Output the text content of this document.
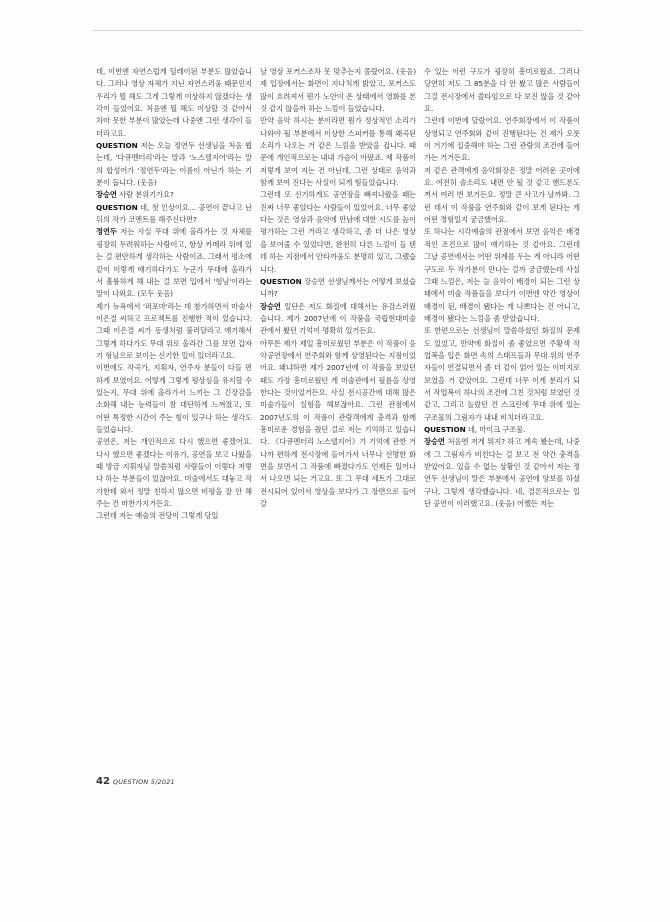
데, 이번엔 자연스럽게 딜레이된 부분도 많았습니다. 그러나 영상 자체가 지닌 자연스러움 때문인지 우리가 뭘 해도 그게 그렇게 이상하지 않겠다는 생각이 들었어요. 처음엔 뭘 해도 이상할 것 같아서 차마 못한 부분이 많았는데 나중엔 그런 생각이 들더라고요.

QUESTION 저는 오늘 정연두 선생님을 처음 뵙는데, '다큐멘터리'라는 말과 '노스탤지어'라는 말의 합성어가 '정연두'라는 이름이 아닌가 하는 기분이 듭니다. (웃음)

장승연 사람 분위기가요?

QUESTION 네, 첫 인상이요… 공연이 끝나고 난 뒤의 작가 코멘트를 해주신다면?

정연두 저는 사실 무대 위에 올라가는 것 자체를 굉장히 두려워하는 사람이고, 항상 카메라 뒤에 있는 걸 편안하게 생각하는 사람이죠. 그래서 평소에 같이 이렇게 얘기하다가도 누군가 무대에 올라가서 훌륭하게 해 내는 걸 보면 입에서 '헝님'이라는 말이 나와요. (모두 웃음)

제가 뉴욕에서 '퍼포마'라는 데 참가하면서 마술사 이은결 씨하고 프로젝트를 진행한 적이 있습니다. 그때 이은결 씨가 동생처럼 불러달라고 얘기해서 그렇게 하다가도 무대 위로 올라간 그를 보면 갑자기 형님으로 보이는 신기한 일이 있더라고요.

이번에도 작곡가, 지휘자, 연주자 분들이 다들 편하게 보였어요. 어떻게 그렇게 평상심을 유지할 수 있는지, 무대 위에 올라가서 느끼는 그 긴장감을 소화해 내는 능력들이 참 대단하게 느껴졌고, 또 어떤 특정한 시간이 주는 힘이 있구나 하는 생각도 들었습니다.

공연은, 저는 개인적으로 다시 했으면 좋겠어요. 다시 했으면 좋겠다는 이유가, 공연을 보고 나왔을 때 방금 지휘자님 말씀처럼 사람들이 이렇다 저렇다 하는 부분들이 있잖아요. 미술에서도 대놓고 작가한테 와서 정말 친하지 않으면 비평을 잘 안 해주는 건 마찬가지거든요.

그런데 저는 예술의 전당이 그렇게 당일

날 영상 포커스조차 못 맞추는지 몰랐어요. (웃음) 제 입장에서는 화면이 지나치게 밝았고, 포커스도 많이 흐려져서 뭔가 노안이 온 상태에서 영화를 본 것 같지 않을까 하는 느낌이 들었습니다.

만약 음악 하시는 분이라면 뭔가 정상적인 소리가 나와야 될 부분에서 이상한 스피커를 통해 왜곡된 소리가 나오는 거 같은 느낌을 받았을 겁니다. 때문에 개인적으로는 내내 가슴이 아팠죠. 제 작품이 저렇게 보여 지는 건 아닌데, 그런 상태로 음악과 함께 보여 진다는 사실이 되게 힘들었습니다.

그런데 또 신기하게도 공연장을 빠져나왔을 때는 진짜 너무 좋았다는 사람들이 있었어요. 너무 좋았다는 것은 영상과 음악에 만남에 대한 시도를 높이 평가하는 그런 거라고 생각하고, 좀 더 나은 영상을 보여줄 수 있었다면, 완전히 다른 느낌이 들 텐데 하는 지점에서 안타까움도 분명히 있고, 그랬습니다.

QUESTION 장승연 선생님께서는 어떻게 보셨습니까?

장승연 일단은 저도 화질에 대해서는 유감스러웠습니다. 제가 2007년에 이 작품을 국립현대미술관에서 봤던 기억이 명확히 있거든요.

아무튼 제가 제일 흥미로웠던 부분은 이 작품이 음악공연장에서 연주회와 함께 상영된다는 지점이었어요. 왜냐하면 제가 2007년에 이 작품을 보았던 때도 가장 흥미로웠던 게 미술관에서 필름을 상영한다는 것이었거든요. 사실 전시공간에 대해 많은 미술가들이 실험을 해보잖아요. 그런 관점에서 2007년도의 이 작품이 관람객에게 충격과 함께 흥미로운 경험을 줬던 걸로 저는 기억하고 있습니다. 《다큐멘터리 노스탤지어》가 기억에 관한 거나까 편하게 전시장에 들어가서 너무나 선명한 화면을 보면서 그 작품에 빠졌다가도 언제든 일어나서 나오면 되는 거고요. 또 그 무대 세트가 그대로 전시되어 있어서 영상을 보다가 그 장면으로 들어갈

수 있는 이런 구도가 굉장히 흥미로웠죠. 그러나 당연히 저도 그 85분을 다 안 봤고 많은 사람들이 그걸 전시장에서 쓸타임으로 다 보진 않을 것 같아요.

그런데 이번에 달랐어요. 연주회장에서 이 작품이 상영되고 연주회와 같이 진행된다는 건 제가 오롯이 거기에 집중해야 하는 그런 관람의 조건에 들어가는 거거든요.

저 같은 관객에게 음악회장은 정말 어려운 곳이에요. 여전히 솔소리도 내면 안 될 것 같고 핸드폰도 꺼서 여러 번 보거든요. 정말 큰 사고가 날까봐. 그런 데서 이 작품을 연주회와 같이 보게 된다는 게 어떤 경험일지 궁금했어요.

또 하나는 시각예술의 관점에서 보면 음악은 배경적인 조건으로 많이 얘기하는 것 같아요. 그런데 그날 공연에서는 어떤 위계를 두는 게 아니라 어떤 구도로 두 작가분이 만나는 걸까 궁금했는데 사실 그때 느낌은, 저는 늘 음악이 배경이 되는 그런 상태에서 미술 작품들을 보다가 이번엔 약간 영상이 배경이 된, 배경이 됐다는 게 나쁘다는 건 아니고, 배경이 됐다는 느낌을 좀 받았습니다.

또 한편으로는 선생님이 말씀하셨던 화질의 문제도 있었고, 만약에 화질이 좀 좋았으면 주황색 작업복을 입은 화면 속의 스태프들과 무대 위의 연주자들이 연결되면서 좀 더 같이 얽어 있는 이미지로 보였을 거 같았어요. 그런데 너무 이게 분리가 되서 작업복이 하나의 조건에 그친 것처럼 보였던 것 같고, 그리고 놀랐던 건 스크린에 무대 위에 있는 구조물의 그림자가 내내 비치더라고요.

QUESTION 네, 마이크 구조물.

장승연 처음엔 저게 뭐지? 하고 계속 봤는데, 나중에 그 그림자가 비친다는 걸 보고 전 약간 충격을 받았어요. 있을 수 없는 상황인 것 같아서 저는 정연두 선생님이 말은 부분에서 공연에 양보를 하셨구나, 그렇게 생각했습니다. 네, 결론적으로는 일단 공연이 이러했고요. (웃음) 어쨌든 저는

42 QUESTION 5/2021
